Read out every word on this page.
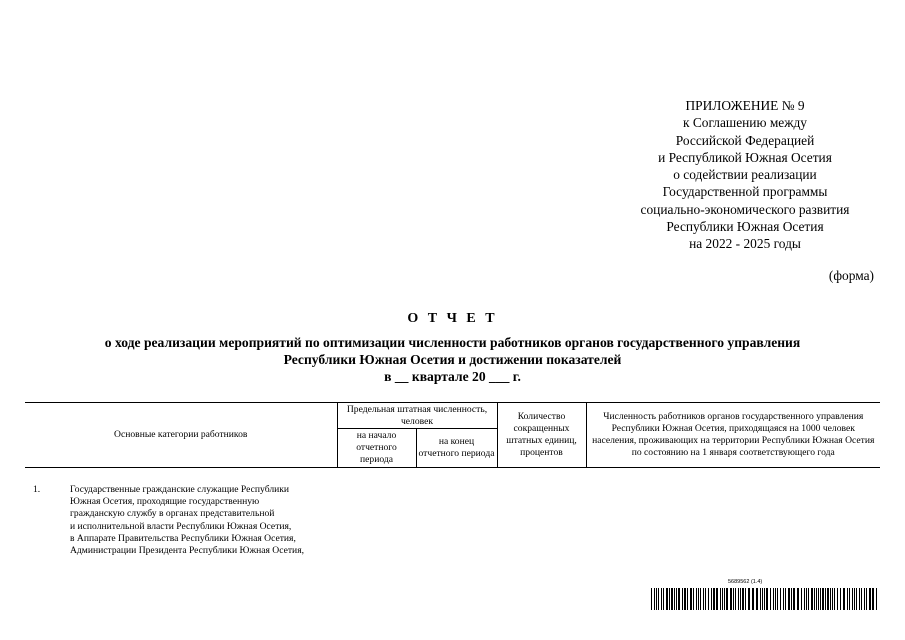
ПРИЛОЖЕНИЕ № 9
к Соглашению между
Российской Федерацией
и Республикой Южная Осетия
о содействии реализации
Государственной программы
социально-экономического развития
Республики Южная Осетия
на 2022 - 2025 годы
(форма)
О Т Ч Е Т
о ходе реализации мероприятий по оптимизации численности работников органов государственного управления
Республики Южная Осетия и достижении показателей
в __ квартале 20 ___ г.
Основные категории работников	Предельная штатная численность, человек		Количество сокращенных штатных единиц, процентов	Численность работников органов государственного управления Республики Южная Осетия, приходящаяся на 1000 человек населения, проживающих на территории Республики Южная Осетия по состоянию на 1 января соответствующего года
	на начало отчетного периода	на конец отчетного периода		
1.	Государственные гражданские служащие Республики
Южная Осетия, проходящие государственную
гражданскую службу в органах представительной
и исполнительной власти Республики Южная Осетия,
в Аппарате Правительства Республики Южная Осетия,
Администрации Президента Республики Южная Осетия,
5689562 (1.4)
